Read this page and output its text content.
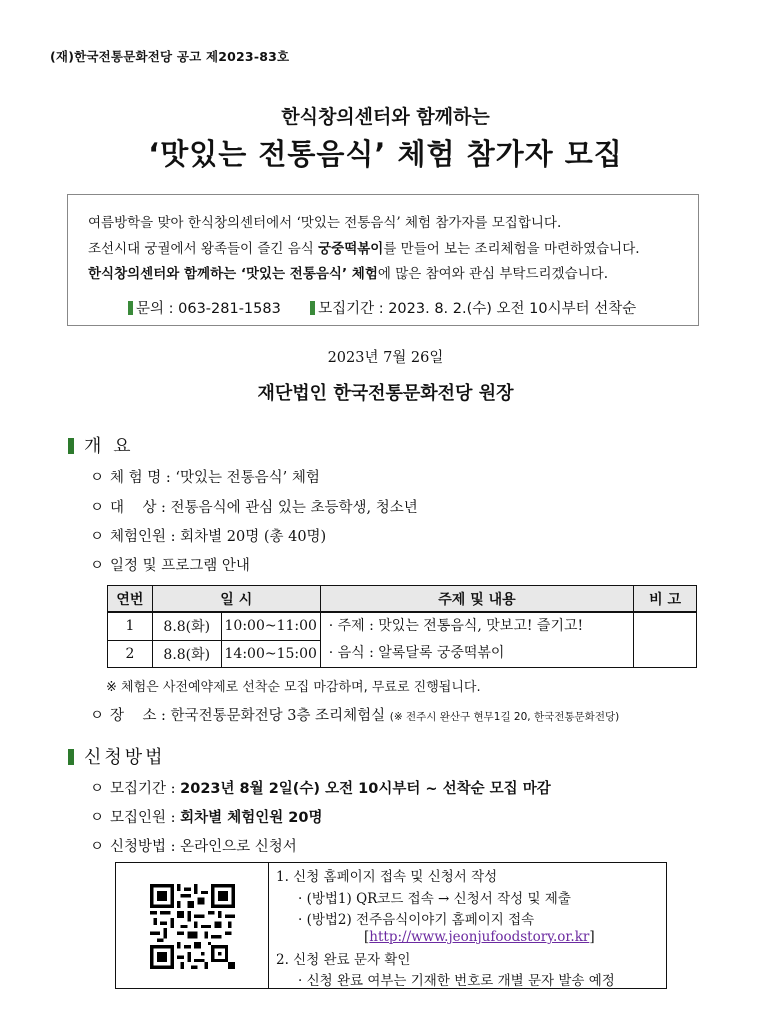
(재)한국전통문화전당 공고 제2023-83호
한식창의센터와 함께하는
‘맛있는 전통음식’ 체험 참가자 모집
여름방학을 맞아 한식창의센터에서 ‘맛있는 전통음식’ 체험 참가자를 모집합니다.
조선시대 궁궐에서 왕족들이 즐긴 음식 궁중떡볶이를 만들어 보는 조리체험을 마련하였습니다.
한식창의센터와 함께하는 ‘맛있는 전통음식’ 체험에 많은 참여와 관심 부탁드리겠습니다.
문의 : 063-281-1583	모집기간 : 2023. 8. 2.(수) 오전 10시부터 선착순
2023년 7월 26일
재단법인 한국전통문화전당 원장
개 요
ㅇ 체 험 명 : ‘맛있는 전통음식’ 체험
ㅇ 대    상 : 전통음식에 관심 있는 초등학생, 청소년
ㅇ 체험인원 : 회차별 20명 (총 40명)
ㅇ 일정 및 프로그램 안내
연번	일 시		주제 및 내용	비 고
1	8.8(화)	10:00~11:00	· 주제 : 맛있는 전통음식, 맛보고! 즐기고!
· 음식 : 알록달록 궁중떡볶이	

2	8.8(화)	14:00~15:00		
※ 체험은 사전예약제로 선착순 모집 마감하며, 무료로 진행됩니다.
ㅇ 장    소 : 한국전통문화전당 3층 조리체험실 (※ 전주시 완산구 현무1길 20, 한국전통문화전당)
신청방법
ㅇ 모집기간 : 2023년 8월 2일(수) 오전 10시부터 ~ 선착순 모집 마감
ㅇ 모집인원 : 회차별 체험인원 20명
ㅇ 신청방법 : 온라인으로 신청서
1. 신청 홈페이지 접속 및 신청서 작성
· (방법1) QR코드 접속 → 신청서 작성 및 제출
· (방법2) 전주음식이야기 홈페이지 접속
[http://www.jeonjufoodstory.or.kr]
2. 신청 완료 문자 확인
· 신청 완료 여부는 기재한 번호로 개별 문자 발송 예정
